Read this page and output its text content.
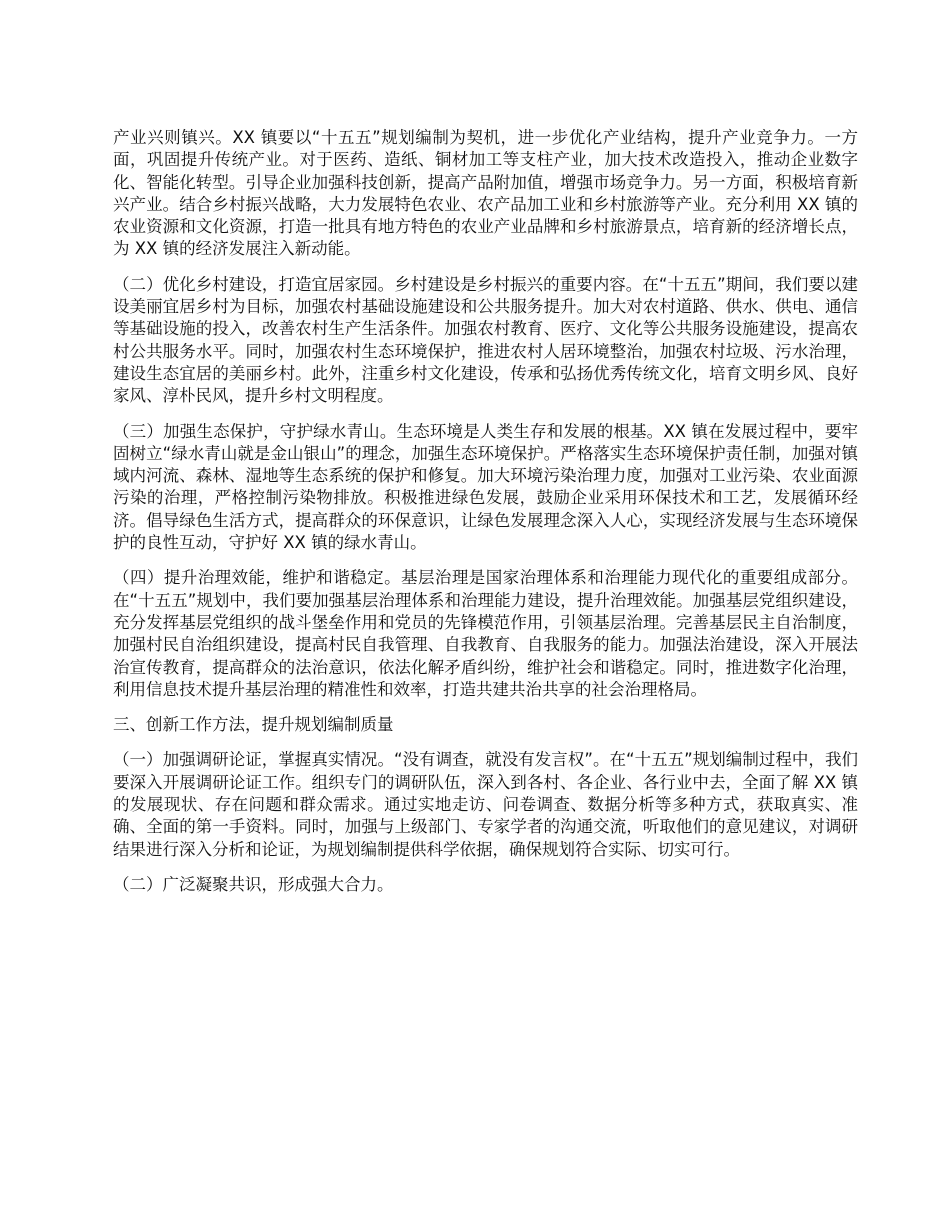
产业兴则镇兴。XX 镇要以“十五五”规划编制为契机，进一步优化产业结构，提升产业竞争力。一方面，巩固提升传统产业。对于医药、造纸、铜材加工等支柱产业，加大技术改造投入，推动企业数字化、智能化转型。引导企业加强科技创新，提高产品附加值，增强市场竞争力。另一方面，积极培育新兴产业。结合乡村振兴战略，大力发展特色农业、农产品加工业和乡村旅游等产业。充分利用 XX 镇的农业资源和文化资源，打造一批具有地方特色的农业产业品牌和乡村旅游景点，培育新的经济增长点，为 XX 镇的经济发展注入新动能。

（二）优化乡村建设，打造宜居家园。乡村建设是乡村振兴的重要内容。在“十五五”期间，我们要以建设美丽宜居乡村为目标，加强农村基础设施建设和公共服务提升。加大对农村道路、供水、供电、通信等基础设施的投入，改善农村生产生活条件。加强农村教育、医疗、文化等公共服务设施建设，提高农村公共服务水平。同时，加强农村生态环境保护，推进农村人居环境整治，加强农村垃圾、污水治理，建设生态宜居的美丽乡村。此外，注重乡村文化建设，传承和弘扬优秀传统文化，培育文明乡风、良好家风、淳朴民风，提升乡村文明程度。

（三）加强生态保护，守护绿水青山。生态环境是人类生存和发展的根基。XX 镇在发展过程中，要牢固树立“绿水青山就是金山银山”的理念，加强生态环境保护。严格落实生态环境保护责任制，加强对镇域内河流、森林、湿地等生态系统的保护和修复。加大环境污染治理力度，加强对工业污染、农业面源污染的治理，严格控制污染物排放。积极推进绿色发展，鼓励企业采用环保技术和工艺，发展循环经济。倡导绿色生活方式，提高群众的环保意识，让绿色发展理念深入人心，实现经济发展与生态环境保护的良性互动，守护好 XX 镇的绿水青山。

（四）提升治理效能，维护和谐稳定。基层治理是国家治理体系和治理能力现代化的重要组成部分。在“十五五”规划中，我们要加强基层治理体系和治理能力建设，提升治理效能。加强基层党组织建设，充分发挥基层党组织的战斗堡垒作用和党员的先锋模范作用，引领基层治理。完善基层民主自治制度，加强村民自治组织建设，提高村民自我管理、自我教育、自我服务的能力。加强法治建设，深入开展法治宣传教育，提高群众的法治意识，依法化解矛盾纠纷，维护社会和谐稳定。同时，推进数字化治理，利用信息技术提升基层治理的精准性和效率，打造共建共治共享的社会治理格局。

三、创新工作方法，提升规划编制质量

（一）加强调研论证，掌握真实情况。“没有调查，就没有发言权”。在“十五五”规划编制过程中，我们要深入开展调研论证工作。组织专门的调研队伍，深入到各村、各企业、各行业中去，全面了解 XX 镇的发展现状、存在问题和群众需求。通过实地走访、问卷调查、数据分析等多种方式，获取真实、准确、全面的第一手资料。同时，加强与上级部门、专家学者的沟通交流，听取他们的意见建议，对调研结果进行深入分析和论证，为规划编制提供科学依据，确保规划符合实际、切实可行。

（二）广泛凝聚共识，形成强大合力。
